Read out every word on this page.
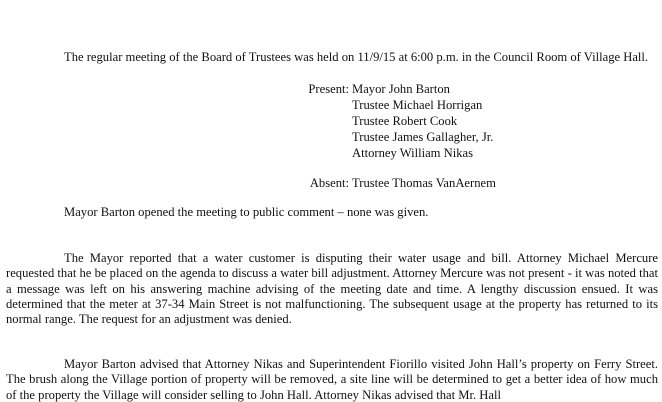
The regular meeting of the Board of Trustees was held on 11/9/15 at 6:00 p.m. in the Council Room of Village Hall.

Present: Mayor John Barton
Trustee Michael Horrigan
Trustee Robert Cook
Trustee James Gallagher, Jr.
Attorney William Nikas
Absent: Trustee Thomas VanAernem

Mayor Barton opened the meeting to public comment – none was given.

The Mayor reported that a water customer is disputing their water usage and bill. Attorney Michael Mercure requested that he be placed on the agenda to discuss a water bill adjustment. Attorney Mercure was not present - it was noted that a message was left on his answering machine advising of the meeting date and time. A lengthy discussion ensued. It was determined that the meter at 37-34 Main Street is not malfunctioning. The subsequent usage at the property has returned to its normal range. The request for an adjustment was denied.

Mayor Barton advised that Attorney Nikas and Superintendent Fiorillo visited John Hall’s property on Ferry Street. The brush along the Village portion of property will be removed, a site line will be determined to get a better idea of how much of the property the Village will consider selling to John Hall. Attorney Nikas advised that Mr. Hall
